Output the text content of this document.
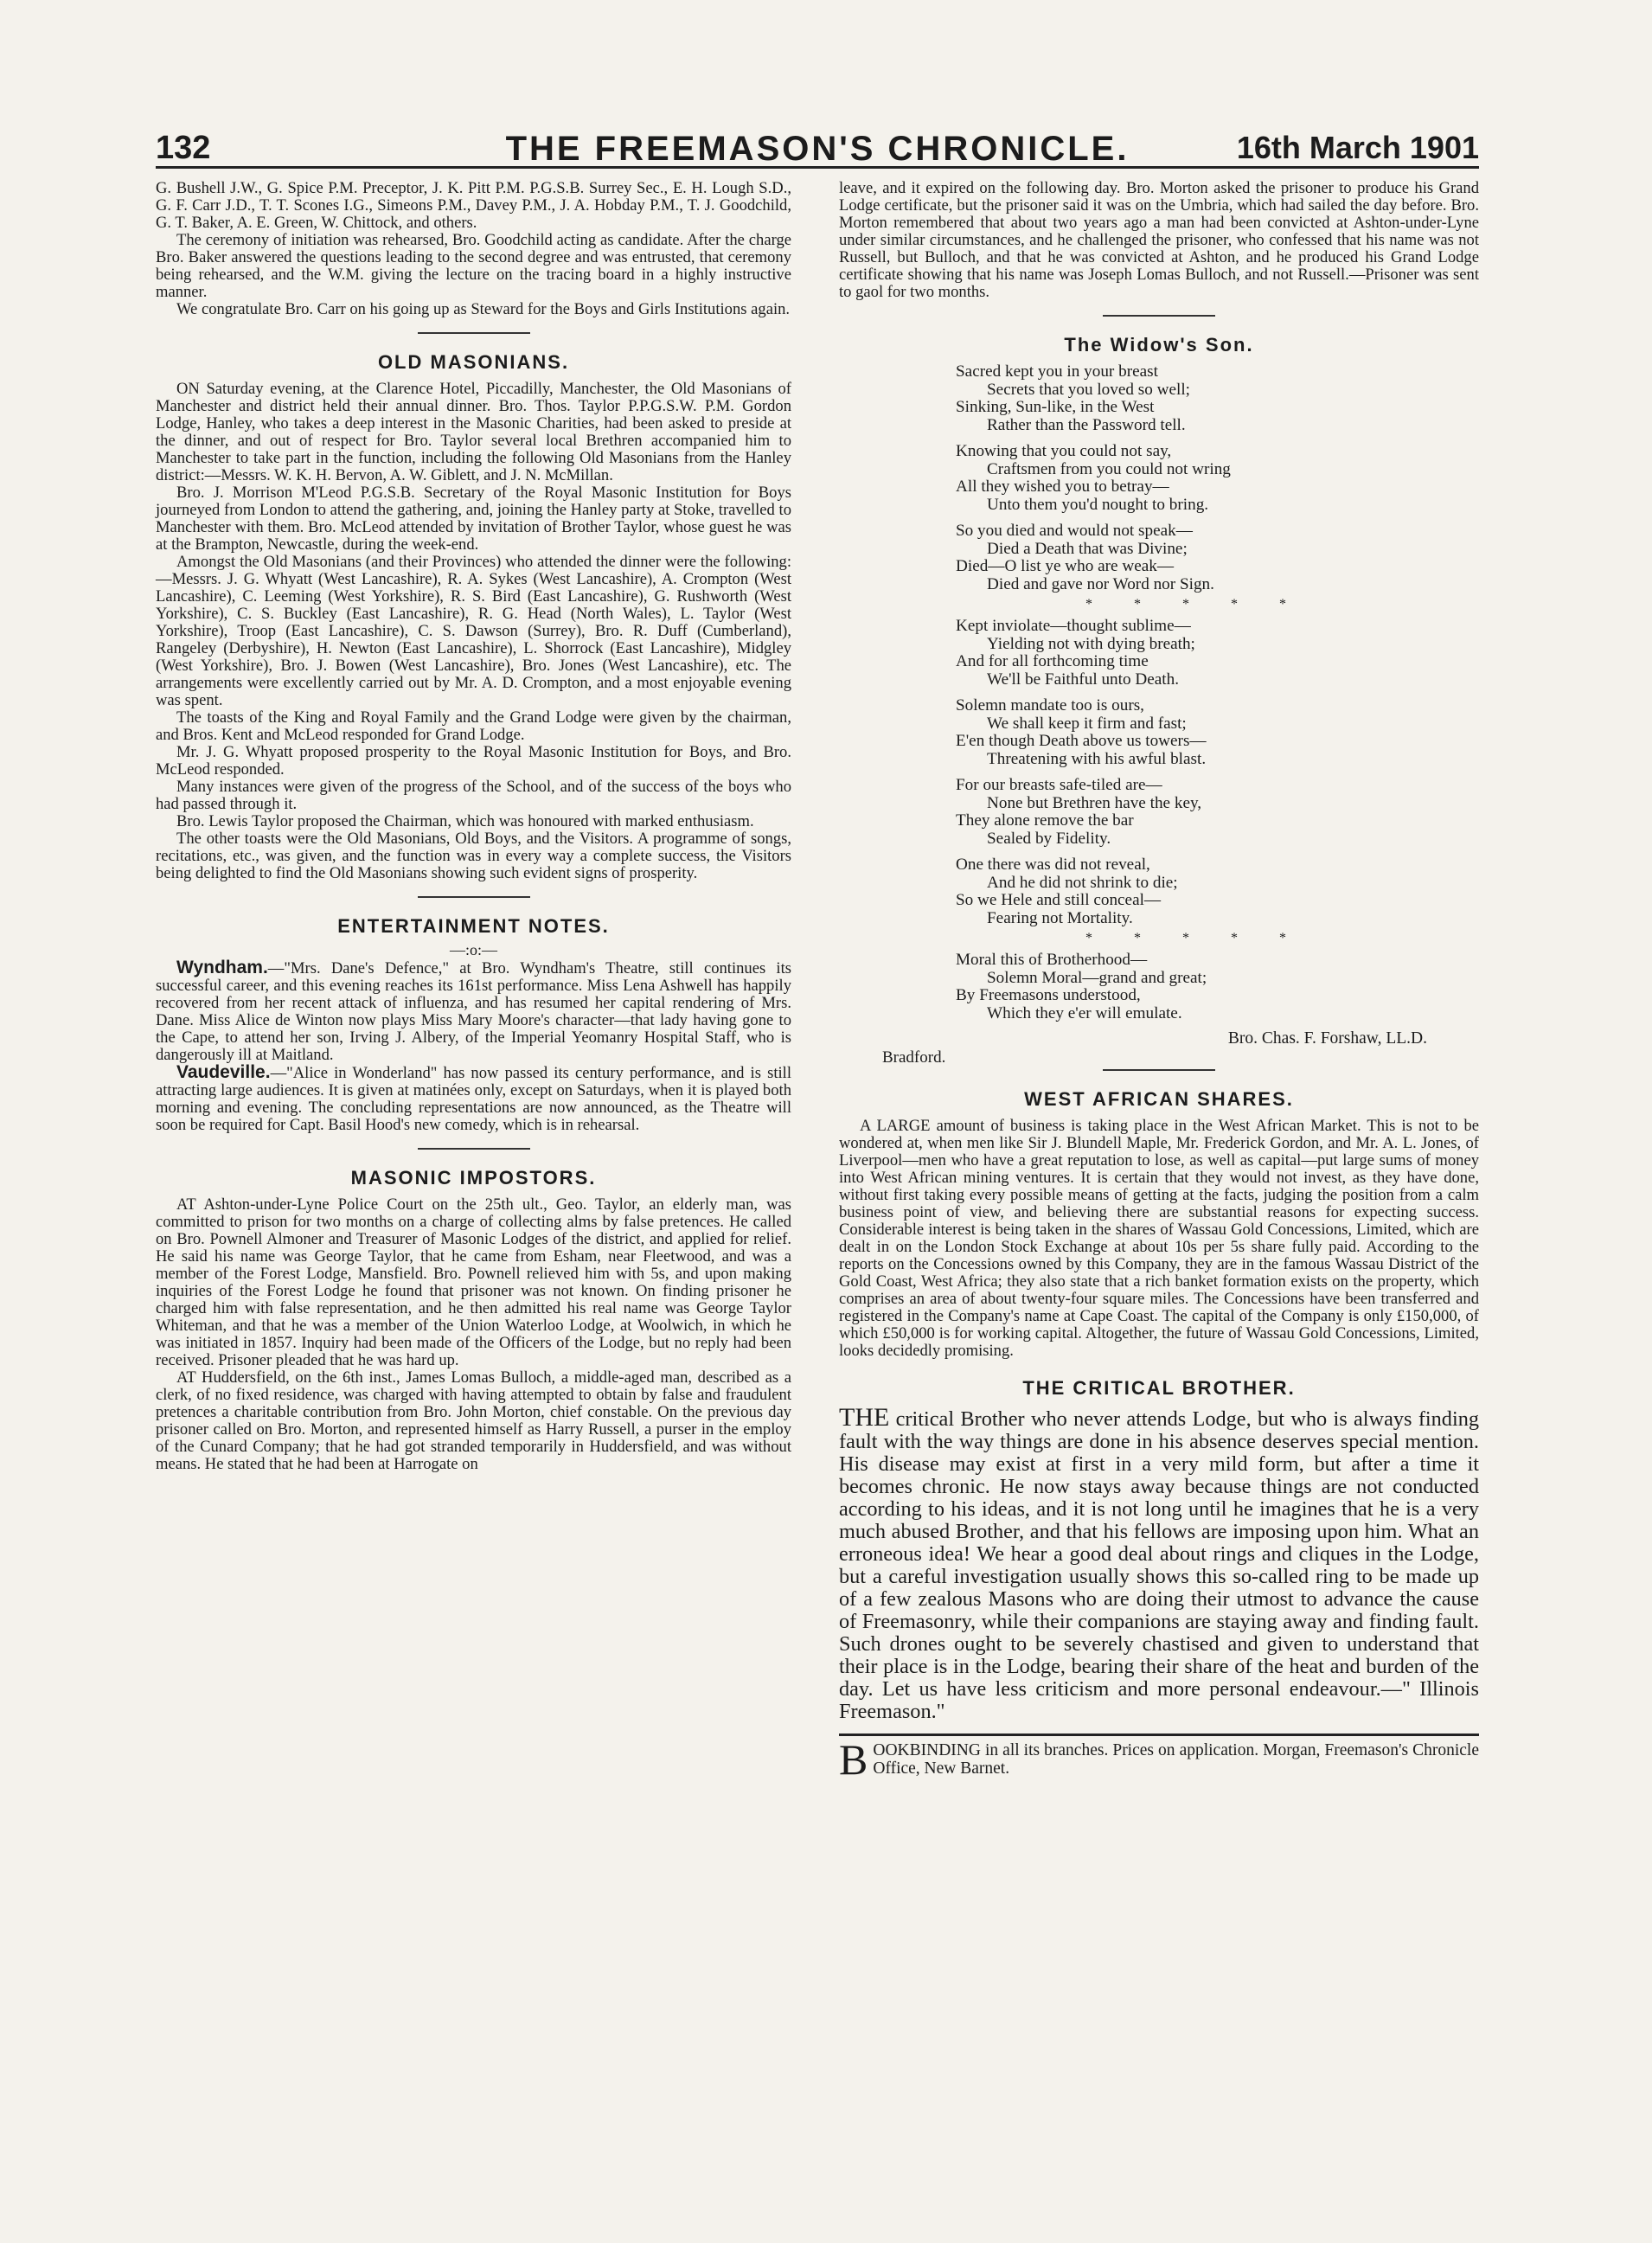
132	THE FREEMASON'S CHRONICLE.	16th March 1901

G. Bushell J.W., G. Spice P.M. Preceptor, J. K. Pitt P.M. P.G.S.B. Surrey Sec., E. H. Lough S.D., G. F. Carr J.D., T. T. Scones I.G., Simeons P.M., Davey P.M., J. A. Hobday P.M., T. J. Goodchild, G. T. Baker, A. E. Green, W. Chittock, and others.

The ceremony of initiation was rehearsed, Bro. Goodchild acting as candidate. After the charge Bro. Baker answered the questions leading to the second degree and was entrusted, that ceremony being rehearsed, and the W.M. giving the lecture on the tracing board in a highly instructive manner.

We congratulate Bro. Carr on his going up as Steward for the Boys and Girls Institutions again.

OLD MASONIANS.

ON Saturday evening, at the Clarence Hotel, Piccadilly, Manchester, the Old Masonians of Manchester and district held their annual dinner. Bro. Thos. Taylor P.P.G.S.W. P.M. Gordon Lodge, Hanley, who takes a deep interest in the Masonic Charities, had been asked to preside at the dinner, and out of respect for Bro. Taylor several local Brethren accompanied him to Manchester to take part in the function, including the following Old Masonians from the Hanley district:—Messrs. W. K. H. Bervon, A. W. Giblett, and J. N. McMillan.

Bro. J. Morrison M'Leod P.G.S.B. Secretary of the Royal Masonic Institution for Boys journeyed from London to attend the gathering, and, joining the Hanley party at Stoke, travelled to Manchester with them. Bro. McLeod attended by invitation of Brother Taylor, whose guest he was at the Brampton, Newcastle, during the week-end.

Amongst the Old Masonians (and their Provinces) who attended the dinner were the following:—Messrs. J. G. Whyatt (West Lancashire), R. A. Sykes (West Lancashire), A. Crompton (West Lancashire), C. Leeming (West Yorkshire), R. S. Bird (East Lancashire), G. Rushworth (West Yorkshire), C. S. Buckley (East Lancashire), R. G. Head (North Wales), L. Taylor (West Yorkshire), Troop (East Lancashire), C. S. Dawson (Surrey), Bro. R. Duff (Cumberland), Rangeley (Derbyshire), H. Newton (East Lancashire), L. Shorrock (East Lancashire), Midgley (West Yorkshire), Bro. J. Bowen (West Lancashire), Bro. Jones (West Lancashire), etc. The arrangements were excellently carried out by Mr. A. D. Crompton, and a most enjoyable evening was spent.

The toasts of the King and Royal Family and the Grand Lodge were given by the chairman, and Bros. Kent and McLeod responded for Grand Lodge.

Mr. J. G. Whyatt proposed prosperity to the Royal Masonic Institution for Boys, and Bro. McLeod responded.

Many instances were given of the progress of the School, and of the success of the boys who had passed through it.

Bro. Lewis Taylor proposed the Chairman, which was honoured with marked enthusiasm.

The other toasts were the Old Masonians, Old Boys, and the Visitors. A programme of songs, recitations, etc., was given, and the function was in every way a complete success, the Visitors being delighted to find the Old Masonians showing such evident signs of prosperity.

ENTERTAINMENT NOTES.
—:o:—

Wyndham.—"Mrs. Dane's Defence," at Bro. Wyndham's Theatre, still continues its successful career, and this evening reaches its 161st performance. Miss Lena Ashwell has happily recovered from her recent attack of influenza, and has resumed her capital rendering of Mrs. Dane. Miss Alice de Winton now plays Miss Mary Moore's character—that lady having gone to the Cape, to attend her son, Irving J. Albery, of the Imperial Yeomanry Hospital Staff, who is dangerously ill at Maitland.

Vaudeville.—"Alice in Wonderland" has now passed its century performance, and is still attracting large audiences. It is given at matinées only, except on Saturdays, when it is played both morning and evening. The concluding representations are now announced, as the Theatre will soon be required for Capt. Basil Hood's new comedy, which is in rehearsal.

MASONIC IMPOSTORS.

AT Ashton-under-Lyne Police Court on the 25th ult., Geo. Taylor, an elderly man, was committed to prison for two months on a charge of collecting alms by false pretences. He called on Bro. Pownell Almoner and Treasurer of Masonic Lodges of the district, and applied for relief. He said his name was George Taylor, that he came from Esham, near Fleetwood, and was a member of the Forest Lodge, Mansfield. Bro. Pownell relieved him with 5s, and upon making inquiries of the Forest Lodge he found that prisoner was not known. On finding prisoner he charged him with false representation, and he then admitted his real name was George Taylor Whiteman, and that he was a member of the Union Waterloo Lodge, at Woolwich, in which he was initiated in 1857. Inquiry had been made of the Officers of the Lodge, but no reply had been received. Prisoner pleaded that he was hard up.

AT Huddersfield, on the 6th inst., James Lomas Bulloch, a middle-aged man, described as a clerk, of no fixed residence, was charged with having attempted to obtain by false and fraudulent pretences a charitable contribution from Bro. John Morton, chief constable. On the previous day prisoner called on Bro. Morton, and represented himself as Harry Russell, a purser in the employ of the Cunard Company; that he had got stranded temporarily in Huddersfield, and was without means. He stated that he had been at Harrogate on

leave, and it expired on the following day. Bro. Morton asked the prisoner to produce his Grand Lodge certificate, but the prisoner said it was on the Umbria, which had sailed the day before. Bro. Morton remembered that about two years ago a man had been convicted at Ashton-under-Lyne under similar circumstances, and he challenged the prisoner, who confessed that his name was not Russell, but Bulloch, and that he was convicted at Ashton, and he produced his Grand Lodge certificate showing that his name was Joseph Lomas Bulloch, and not Russell.—Prisoner was sent to gaol for two months.

The Widow's Son.
Sacred kept you in your breast
Secrets that you loved so well;
Sinking, Sun-like, in the West
Rather than the Password tell.
Knowing that you could not say,
Craftsmen from you could not wring
All they wished you to betray—
Unto them you'd nought to bring.
So you died and would not speak—
Died a Death that was Divine;
Died—O list ye who are weak—
Died and gave nor Word nor Sign.
* * * * *
Kept inviolate—thought sublime—
Yielding not with dying breath;
And for all forthcoming time
We'll be Faithful unto Death.
Solemn mandate too is ours,
We shall keep it firm and fast;
E'en though Death above us towers—
Threatening with his awful blast.
For our breasts safe-tiled are—
None but Brethren have the key,
They alone remove the bar
Sealed by Fidelity.
One there was did not reveal,
And he did not shrink to die;
So we Hele and still conceal—
Fearing not Mortality.
* * * * *
Moral this of Brotherhood—
Solemn Moral—grand and great;
By Freemasons understood,
Which they e'er will emulate.
Bro. Chas. F. Forshaw, LL.D.
Bradford.
WEST AFRICAN SHARES.

A LARGE amount of business is taking place in the West African Market. This is not to be wondered at, when men like Sir J. Blundell Maple, Mr. Frederick Gordon, and Mr. A. L. Jones, of Liverpool—men who have a great reputation to lose, as well as capital—put large sums of money into West African mining ventures. It is certain that they would not invest, as they have done, without first taking every possible means of getting at the facts, judging the position from a calm business point of view, and believing there are substantial reasons for expecting success. Considerable interest is being taken in the shares of Wassau Gold Concessions, Limited, which are dealt in on the London Stock Exchange at about 10s per 5s share fully paid. According to the reports on the Concessions owned by this Company, they are in the famous Wassau District of the Gold Coast, West Africa; they also state that a rich banket formation exists on the property, which comprises an area of about twenty-four square miles. The Concessions have been transferred and registered in the Company's name at Cape Coast. The capital of the Company is only £150,000, of which £50,000 is for working capital. Altogether, the future of Wassau Gold Concessions, Limited, looks decidedly promising.

THE CRITICAL BROTHER.

THE critical Brother who never attends Lodge, but who is always finding fault with the way things are done in his absence deserves special mention. His disease may exist at first in a very mild form, but after a time it becomes chronic. He now stays away because things are not conducted according to his ideas, and it is not long until he imagines that he is a very much abused Brother, and that his fellows are imposing upon him. What an erroneous idea! We hear a good deal about rings and cliques in the Lodge, but a careful investigation usually shows this so-called ring to be made up of a few zealous Masons who are doing their utmost to advance the cause of Freemasonry, while their companions are staying away and finding fault. Such drones ought to be severely chastised and given to understand that their place is in the Lodge, bearing their share of the heat and burden of the day. Let us have less criticism and more personal endeavour.—" Illinois Freemason."

B OOKBINDING in all its branches. Prices on application. Morgan, Freemason's Chronicle Office, New Barnet.
